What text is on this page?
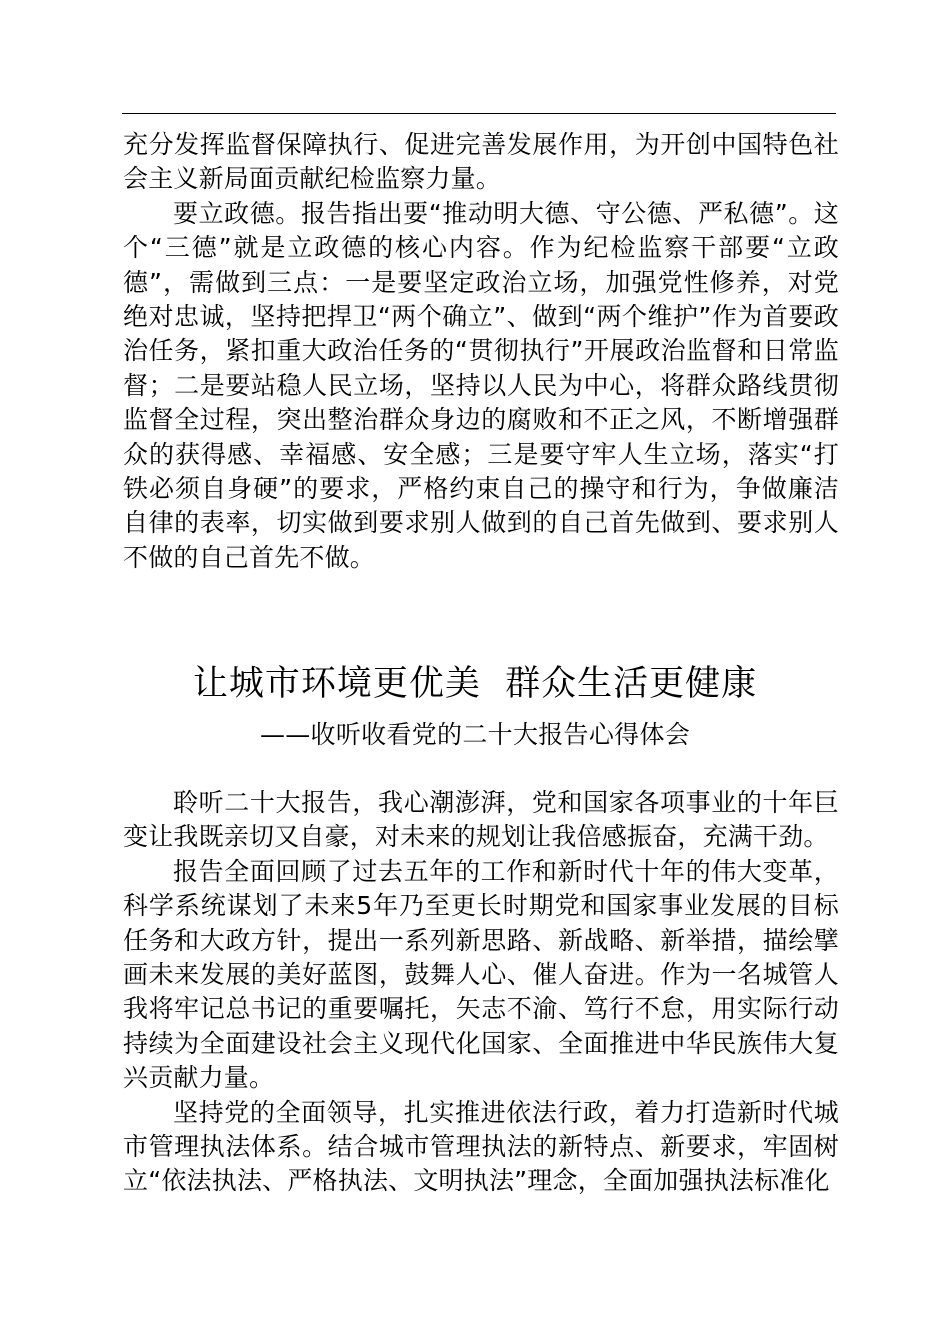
充分发挥监督保障执行、促进完善发展作用，为开创中国特色社会主义新局面贡献纪检监察力量。

要立政德。报告指出要“推动明大德、守公德、严私德”。这个“三德”就是立政德的核心内容。作为纪检监察干部要“立政德”，需做到三点：一是要坚定政治立场，加强党性修养，对党绝对忠诚，坚持把捍卫“两个确立”、做到“两个维护”作为首要政治任务，紧扣重大政治任务的“贯彻执行”开展政治监督和日常监督；二是要站稳人民立场，坚持以人民为中心，将群众路线贯彻监督全过程，突出整治群众身边的腐败和不正之风，不断增强群众的获得感、幸福感、安全感；三是要守牢人生立场，落实“打铁必须自身硬”的要求，严格约束自己的操守和行为，争做廉洁自律的表率，切实做到要求别人做到的自己首先做到、要求别人不做的自己首先不做。

让城市环境更优美  群众生活更健康
——收听收看党的二十大报告心得体会

聆听二十大报告，我心潮澎湃，党和国家各项事业的十年巨变让我既亲切又自豪，对未来的规划让我倍感振奋，充满干劲。

报告全面回顾了过去五年的工作和新时代十年的伟大变革，科学系统谋划了未来5年乃至更长时期党和国家事业发展的目标任务和大政方针，提出一系列新思路、新战略、新举措，描绘擘画未来发展的美好蓝图，鼓舞人心、催人奋进。作为一名城管人我将牢记总书记的重要嘱托，矢志不渝、笃行不怠，用实际行动持续为全面建设社会主义现代化国家、全面推进中华民族伟大复兴贡献力量。

坚持党的全面领导，扎实推进依法行政，着力打造新时代城市管理执法体系。结合城市管理执法的新特点、新要求，牢固树立“依法执法、严格执法、文明执法”理念，全面加强执法标准化
